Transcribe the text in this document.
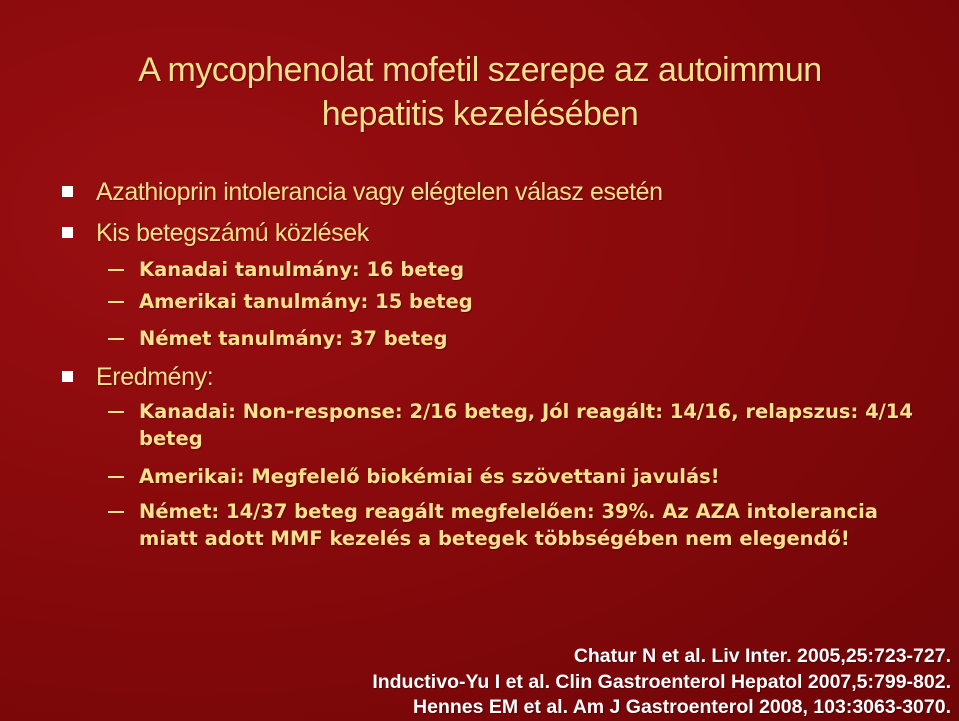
A mycophenolat mofetil szerepe az autoimmun
hepatitis kezelésében
Azathioprin intolerancia vagy elégtelen válasz esetén
Kis betegszámú közlések
Kanadai tanulmány: 16 beteg
Amerikai tanulmány: 15 beteg
Német tanulmány: 37 beteg
Eredmény:
Kanadai: Non-response: 2/16 beteg, Jól reagált: 14/16, relapszus: 4/14 beteg
Amerikai: Megfelelő biokémiai és szövettani javulás!
Német: 14/37 beteg reagált megfelelően: 39%. Az AZA intolerancia miatt adott MMF kezelés a betegek többségében nem elegendő!
Chatur N et al. Liv Inter. 2005,25:723-727.
Inductivo-Yu I et al. Clin Gastroenterol Hepatol 2007,5:799-802.
Hennes EM et al. Am J Gastroenterol 2008, 103:3063-3070.
